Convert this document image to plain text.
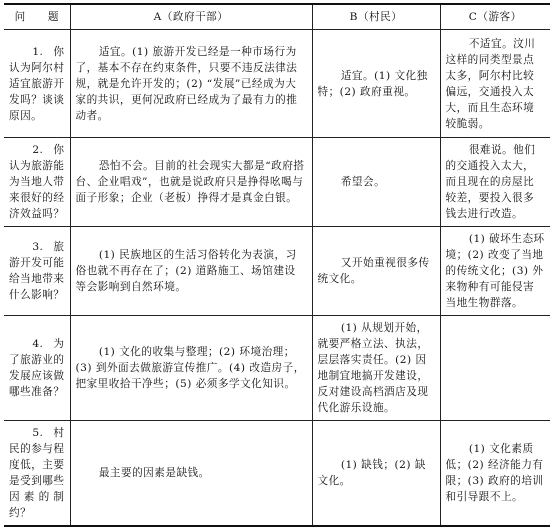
问　　题	A（政府干部）	B（村民）	C（游客）
1. 你认为阿尔村适宜旅游开发吗？谈谈原因。	适宜。(1) 旅游开发已经是一种市场行为了，基本不存在约束条件，只要不违反法律法规，就是允许开发的；(2) “发展”已经成为大家的共识，更何况政府已经成为了最有力的推动者。	适宜。(1) 文化独特；(2) 政府重视。	不适宜。汶川这样的同类型景点太多，阿尔村比较偏远，交通投入太大，而且生态环境较脆弱。
2. 你认为旅游能为当地人带来很好的经济效益吗？	恐怕不会。目前的社会现实大都是“政府搭台、企业唱戏”，也就是说政府只是挣得吆喝与面子形象；企业（老板）挣得才是真金白银。	希望会。	很难说。他们的交通投入太大，而且现在的房屋比较差，要投入很多钱去进行改造。
3. 旅游开发可能给当地带来什么影响？	(1) 民族地区的生活习俗转化为表演，习俗也就不再存在了；(2) 道路施工、场馆建设等会影响到自然环境。	又开始重视很多传统文化。	(1) 破坏生态环境；(2) 改变了当地的传统文化；(3) 外来物种有可能侵害当地生物群落。
4. 为了旅游业的发展应该做哪些准备？	(1) 文化的收集与整理；(2) 环境治理；(3) 到外面去做旅游宣传推广。(4) 改造房子，把家里收拾干净些；(5) 必须多学文化知识。	(1) 从规划开始，就要严格立法、执法，层层落实责任。(2) 因地制宜地搞开发建设，反对建设高档酒店及现代化游乐设施。	
5. 村民的参与程度低，主要是受到哪些因素的制约？	最主要的因素是缺钱。	(1) 缺钱；(2) 缺文化。	(1) 文化素质低；(2) 经济能力有限；(3) 政府的培训和引导跟不上。
